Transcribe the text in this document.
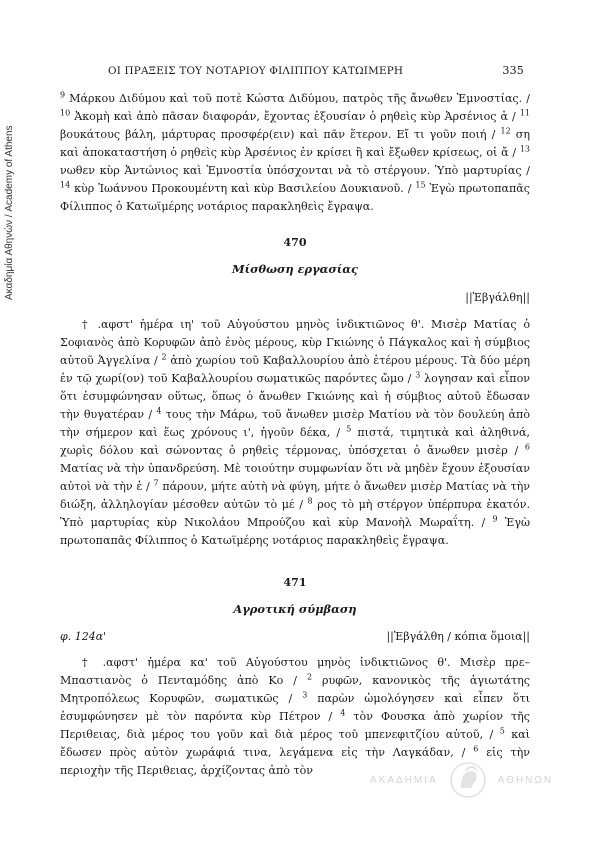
Ακαδημία Αθηνών / Academy of Athens
ΟΙ ΠΡΑΞΕΙΣ ΤΟΥ ΝΟΤΑΡΙΟΥ ΦΙΛΙΠΠΟΥ ΚΑΤΩΙΜΕΡΗ	335

$^9$ Μάρκου Διδύμου καὶ τοῦ ποτὲ Κώστα Διδύμου, πατρὸς τῆς ἄνωθεν Ἐμνοστίας. / $^{10}$ Ἀκομὴ καὶ ἀπὸ πᾶσαν διαφοράν, ἔχοντας ἐξουσίαν ὁ ρηθεὶς κὺρ Ἀρσένιος ἀ / $^{11}$ βουκάτους βάλη, μάρτυρας προσφέρ(ειν) καὶ πᾶν ἕτερον. Εἴ τι γοῦν ποιή / $^{12}$ ση καὶ ἀποκαταστήση ὁ ρηθεὶς κὺρ Ἀρσένιος ἐν κρίσει ἢ καὶ ἔξωθεν κρίσεως, οἱ ἄ / $^{13}$ νωθεν κὺρ Ἀντώνιος καὶ Ἐμνοστία ὑπόσχονται νὰ τὸ στέργουν. Ὑπὸ μαρτυρίας / $^{14}$ κὺρ Ἰωάννου Προκουμέντη καὶ κὺρ Βασιλείου Δουκιανοῦ. / $^{15}$ Ἐγὼ πρωτοπαπᾶς Φίλιππος ὁ Κατωϊμέρης νοτάριος παρακληθεὶς ἔγραψα.

470
Μίσθωση εργασίας
||Ἐβγάλθη||

† .αφστ' ἡμέρα ιη' τοῦ Αὐγούστου μηνὸς ἰνδικτιῶνος θ'. Μισὲρ Ματίας ὁ Σοφιανὸς ἀπὸ Κορυφῶν ἀπὸ ἑνὸς μέρους, κὺρ Γκιώνης ὁ Πάγκαλος καὶ ἡ σύμβιος αὐτοῦ Ἀγγελίνα / $^2$ ἀπὸ χωρίου τοῦ Καβαλλουρίου ἀπὸ ἑτέρου μέρους. Τὰ δύο μέρη ἐν τῷ χωρί(ον) τοῦ Καβαλλουρίου σωματικῶς παρόντες ὤμο / $^3$ λογησαν καὶ εἶπον ὅτι ἐσυμφώνησαν οὕτως, ὅπως ὁ ἄνωθεν Γκιώνης καὶ ἡ σύμβιος αὐτοῦ ἔδωσαν τὴν θυγατέραν / $^4$ τους τὴν Μάρω, τοῦ ἄνωθεν μισὲρ Ματίου νὰ τὸν δουλεύη ἀπὸ τὴν σήμερον καὶ ἕως χρόνους ι', ἠγοῦν δέκα, / $^5$ πιστά, τιμητικὰ καὶ ἀληθινά, χωρὶς δόλου καὶ σώνοντας ὁ ρηθεὶς τέρμονας, ὑπόσχεται ὁ ἄνωθεν μισὲρ / $^6$ Ματίας νὰ τὴν ὑπανδρεύση. Μὲ τοιούτην συμφωνίαν ὅτι νὰ μηδὲν ἔχουν ἐξουσίαν αὐτοὶ νὰ τὴν ἐ / $^7$ πάρουν, μήτε αὐτὴ νὰ φύγη, μήτε ὁ ἄνωθεν μισὲρ Ματίας νὰ τὴν διώξη, ἀλληλογίαν μέσοθεν αὐτῶν τὸ μέ / $^8$ ρος τὸ μὴ στέργον ὑπέρπυρα ἑκατόν. Ὑπὸ μαρτυρίας κὺρ Νικολάου Μπρούζου καὶ κὺρ Μανοὴλ Μωραΐτη. / $^9$ Ἐγὼ πρωτοπαπᾶς Φίλιππος ὁ Κατωϊμέρης νοτάριος παρακληθεὶς ἔγραψα.

471
Αγροτική σύμβαση
φ. 124α'	||Ἐβγάλθη / κόπια ὅμοια||

† .αφστ' ἡμέρα κα' τοῦ Αὐγούστου μηνὸς ἰνδικτιῶνος θ'. Μισὲρ πρε–Μπαστιανὸς ὁ Πενταμόδης ἀπὸ Κο / $^2$ ρυφῶν, κανονικὸς τῆς ἁγιωτάτης Μητροπόλεως Κορυφῶν, σωματικῶς / $^3$ παρὼν ὡμολόγησεν καὶ εἶπεν ὅτι ἐσυμφώνησεν μὲ τὸν παρόντα κὺρ Πέτρον / $^4$ τὸν Φουσκα ἀπὸ χωρίον τῆς Περιθειας, διὰ μέρος του γοῦν καὶ διὰ μέρος τοῦ μπενεφιτζίου αὐτοῦ, / $^5$ καὶ ἔδωσεν πρὸς αὐτὸν χωράφιά τινα, λεγάμενα εἰς τὴν Λαγκάδαν, / $^6$ εἰς τὴν περιοχὴν τῆς Περιθειας, ἀρχίζοντας ἀπὸ τὸν

ΑΚΑΔΗΜΙΑ	ΑΘΗΝΩΝ
